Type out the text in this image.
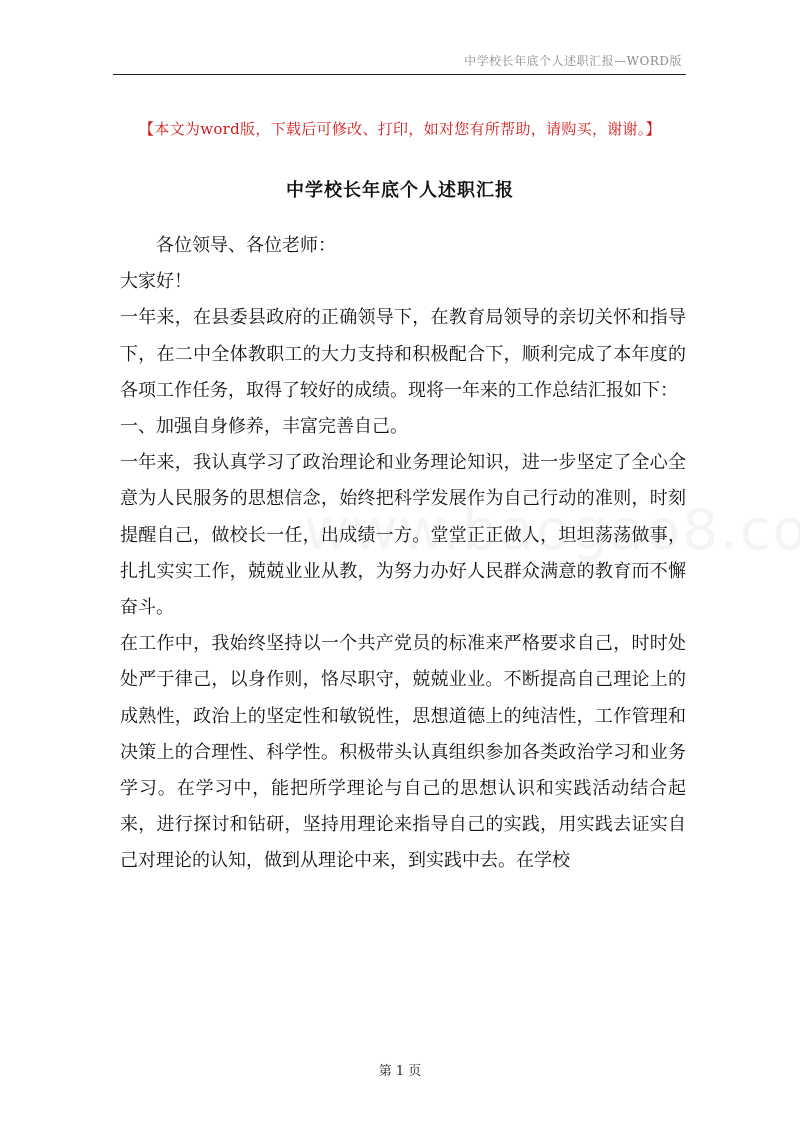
中学校长年底个人述职汇报—WORD版
【本文为word版，下载后可修改、打印，如对您有所帮助，请购买，谢谢。】
中学校长年底个人述职汇报

各位领导、各位老师：

大家好！

一年来，在县委县政府的正确领导下，在教育局领导的亲切关怀和指导下，在二中全体教职工的大力支持和积极配合下，顺利完成了本年度的各项工作任务，取得了较好的成绩。现将一年来的工作总结汇报如下：

一、加强自身修养，丰富完善自己。

一年来，我认真学习了政治理论和业务理论知识，进一步坚定了全心全意为人民服务的思想信念，始终把科学发展作为自己行动的准则，时刻提醒自己，做校长一任，出成绩一方。堂堂正正做人，坦坦荡荡做事，扎扎实实工作，兢兢业业从教，为努力办好人民群众满意的教育而不懈奋斗。

在工作中，我始终坚持以一个共产党员的标准来严格要求自己，时时处处严于律己，以身作则，恪尽职守，兢兢业业。不断提高自己理论上的成熟性，政治上的坚定性和敏锐性，思想道德上的纯洁性，工作管理和决策上的合理性、科学性。积极带头认真组织参加各类政治学习和业务学习。在学习中，能把所学理论与自己的思想认识和实践活动结合起来，进行探讨和钻研，坚持用理论来指导自己的实践，用实践去证实自己对理论的认知，做到从理论中来，到实践中去。在学校

第 1 页
